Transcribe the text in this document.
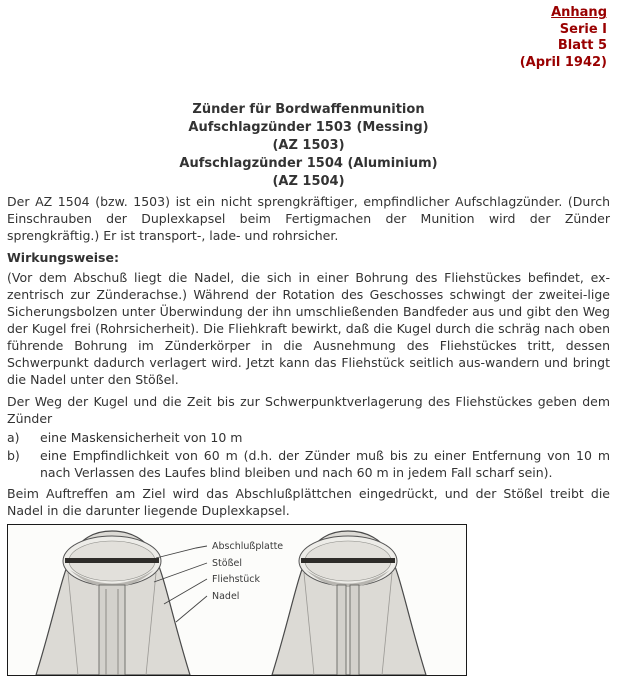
Anhang
Serie I
Blatt 5
(April 1942)
Zünder für Bordwaffenmunition
Aufschlagzünder 1503 (Messing)
(AZ 1503)
Aufschlagzünder 1504 (Aluminium)
(AZ 1504)

Der AZ 1504 (bzw. 1503) ist ein nicht sprengkräftiger, empfindlicher Aufschlagzünder. (Durch Einschrauben der Duplexkapsel beim Fertigmachen der Munition wird der Zünder sprengkräftig.) Er ist transport-, lade- und rohrsicher.

Wirkungsweise:

(Vor dem Abschuß liegt die Nadel, die sich in einer Bohrung des Fliehstückes befindet, ex-zentrisch zur Zünderachse.) Während der Rotation des Geschosses schwingt der zweitei-lige Sicherungsbolzen unter Überwindung der ihn umschließenden Bandfeder aus und gibt den Weg der Kugel frei (Rohrsicherheit). Die Fliehkraft bewirkt, daß die Kugel durch die schräg nach oben führende Bohrung im Zünderkörper in die Ausnehmung des Fliehstückes tritt, dessen Schwerpunkt dadurch verlagert wird. Jetzt kann das Fliehstück seitlich aus-wandern und bringt die Nadel unter den Stößel.

Der Weg der Kugel und die Zeit bis zur Schwerpunktverlagerung des Fliehstückes geben dem Zünder

a)	eine Maskensicherheit von 10 m
b)	eine Empfindlichkeit von 60 m (d.h. der Zünder muß bis zu einer Entfernung von 10 m nach Verlassen des Laufes blind bleiben und nach 60 m in jedem Fall scharf sein).

Beim Auftreffen am Ziel wird das Abschlußplättchen eingedrückt, und der Stößel treibt die Nadel in die darunter liegende Duplexkapsel.

Abschlußplatte
Stößel
Fliehstück
Nadel
